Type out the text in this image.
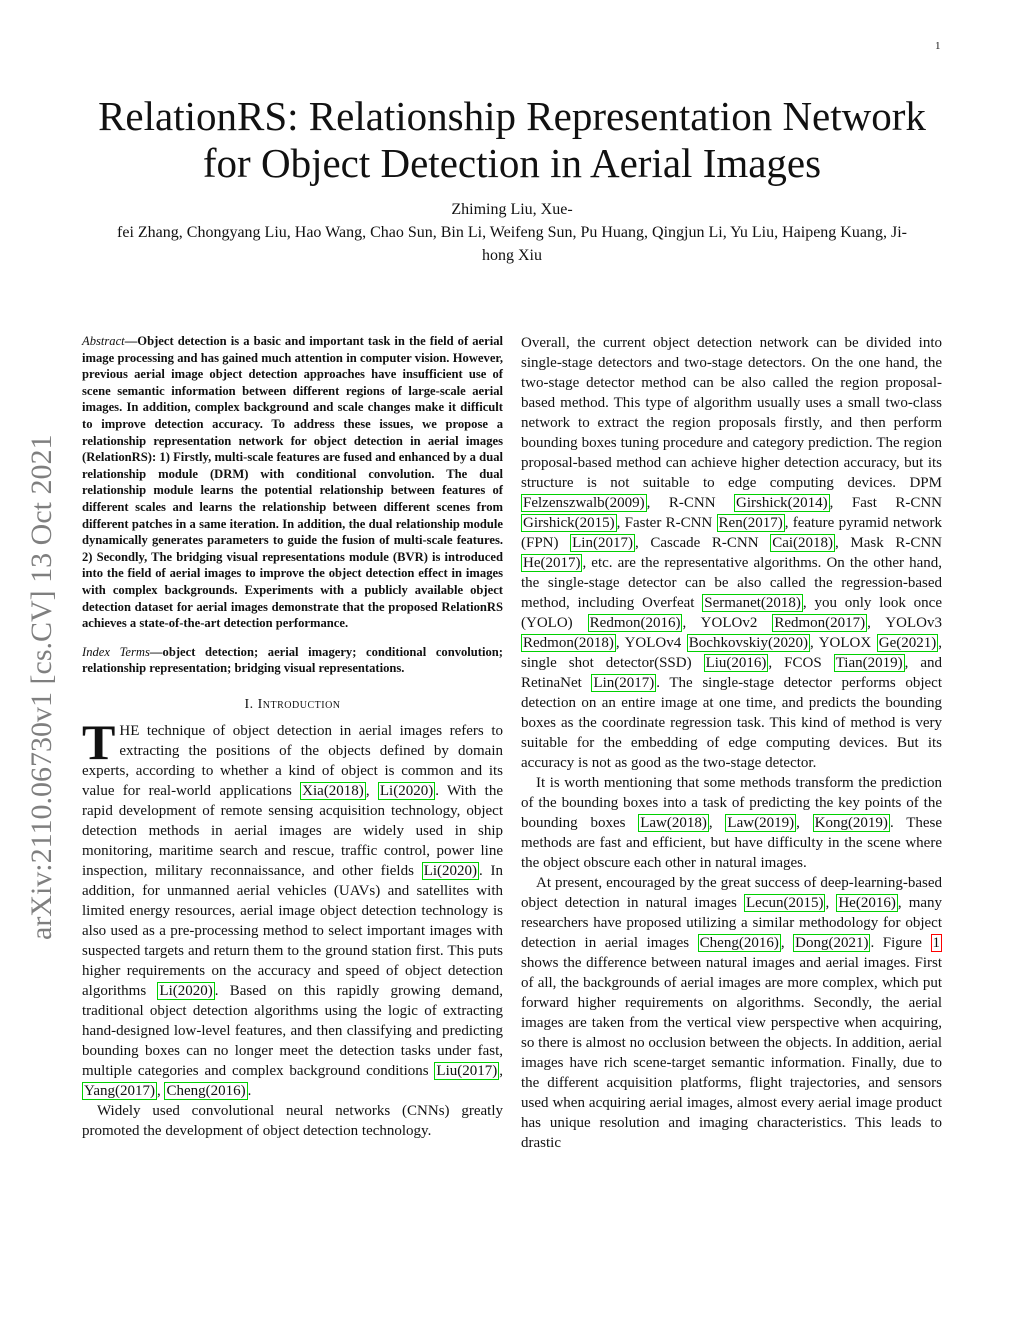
1
arXiv:2110.06730v1 [cs.CV] 13 Oct 2021
RelationRS: Relationship Representation Network
for Object Detection in Aerial Images
Zhiming Liu, Xue-
fei Zhang, Chongyang Liu, Hao Wang, Chao Sun, Bin Li, Weifeng Sun, Pu Huang, Qingjun Li, Yu Liu, Haipeng Kuang, Ji-
hong Xiu

Abstract—Object detection is a basic and important task in the field of aerial image processing and has gained much attention in computer vision. However, previous aerial image object detection approaches have insufficient use of scene semantic information between different regions of large-scale aerial images. In addition, complex background and scale changes make it difficult to improve detection accuracy. To address these issues, we propose a relationship representation network for object detection in aerial images (RelationRS): 1) Firstly, multi-scale features are fused and enhanced by a dual relationship module (DRM) with conditional convolution. The dual relationship module learns the potential relationship between features of different scales and learns the relationship between different scenes from different patches in a same iteration. In addition, the dual relationship module dynamically generates parameters to guide the fusion of multi-scale features. 2) Secondly, The bridging visual representations module (BVR) is introduced into the field of aerial images to improve the object detection effect in images with complex backgrounds. Experiments with a publicly available object detection dataset for aerial images demonstrate that the proposed RelationRS achieves a state-of-the-art detection performance.

Index Terms—object detection; aerial imagery; conditional convolution; relationship representation; bridging visual representations.

I. Introduction

THE technique of object detection in aerial images refers to extracting the positions of the objects defined by domain experts, according to whether a kind of object is common and its value for real-world applications Xia(2018) , Li(2020) . With the rapid development of remote sensing acquisition technology, object detection methods in aerial images are widely used in ship monitoring, maritime search and rescue, traffic control, power line inspection, military reconnaissance, and other fields Li(2020) . In addition, for unmanned aerial vehicles (UAVs) and satellites with limited energy resources, aerial image object detection technology is also used as a pre-processing method to select important images with suspected targets and return them to the ground station first. This puts higher requirements on the accuracy and speed of object detection algorithms Li(2020) . Based on this rapidly growing demand, traditional object detection algorithms using the logic of extracting hand-designed low-level features, and then classifying and predicting bounding boxes can no longer meet the detection tasks under fast, multiple categories and complex background conditions Liu(2017) , Yang(2017) , Cheng(2016) .

Widely used convolutional neural networks (CNNs) greatly promoted the development of object detection technology.

Overall, the current object detection network can be divided into single-stage detectors and two-stage detectors. On the one hand, the two-stage detector method can be also called the region proposal-based method. This type of algorithm usually uses a small two-class network to extract the region proposals firstly, and then perform bounding boxes tuning procedure and category prediction. The region proposal-based method can achieve higher detection accuracy, but its structure is not suitable to edge computing devices. DPM Felzenszwalb(2009) , R-CNN Girshick(2014) , Fast R-CNN Girshick(2015) , Faster R-CNN Ren(2017) , feature pyramid network (FPN) Lin(2017) , Cascade R-CNN Cai(2018) , Mask R-CNN He(2017) , etc. are the representative algorithms. On the other hand, the single-stage detector can be also called the regression-based method, including Overfeat Sermanet(2018) , you only look once (YOLO) Redmon(2016) , YOLOv2 Redmon(2017) , YOLOv3 Redmon(2018) , YOLOv4 Bochkovskiy(2020) , YOLOX Ge(2021) , single shot detector(SSD) Liu(2016) , FCOS Tian(2019) , and RetinaNet Lin(2017) . The single-stage detector performs object detection on an entire image at one time, and predicts the bounding boxes as the coordinate regression task. This kind of method is very suitable for the embedding of edge computing devices. But its accuracy is not as good as the two-stage detector.

It is worth mentioning that some methods transform the prediction of the bounding boxes into a task of predicting the key points of the bounding boxes Law(2018) , Law(2019) , Kong(2019) . These methods are fast and efficient, but have difficulty in the scene where the object obscure each other in natural images.

At present, encouraged by the great success of deep-learning-based object detection in natural images Lecun(2015) , He(2016) , many researchers have proposed utilizing a similar methodology for object detection in aerial images Cheng(2016) , Dong(2021) . Figure 1 shows the difference between natural images and aerial images. First of all, the backgrounds of aerial images are more complex, which put forward higher requirements on algorithms. Secondly, the aerial images are taken from the vertical view perspective when acquiring, so there is almost no occlusion between the objects. In addition, aerial images have rich scene-target semantic information. Finally, due to the different acquisition platforms, flight trajectories, and sensors used when acquiring aerial images, almost every aerial image product has unique resolution and imaging characteristics. This leads to drastic
